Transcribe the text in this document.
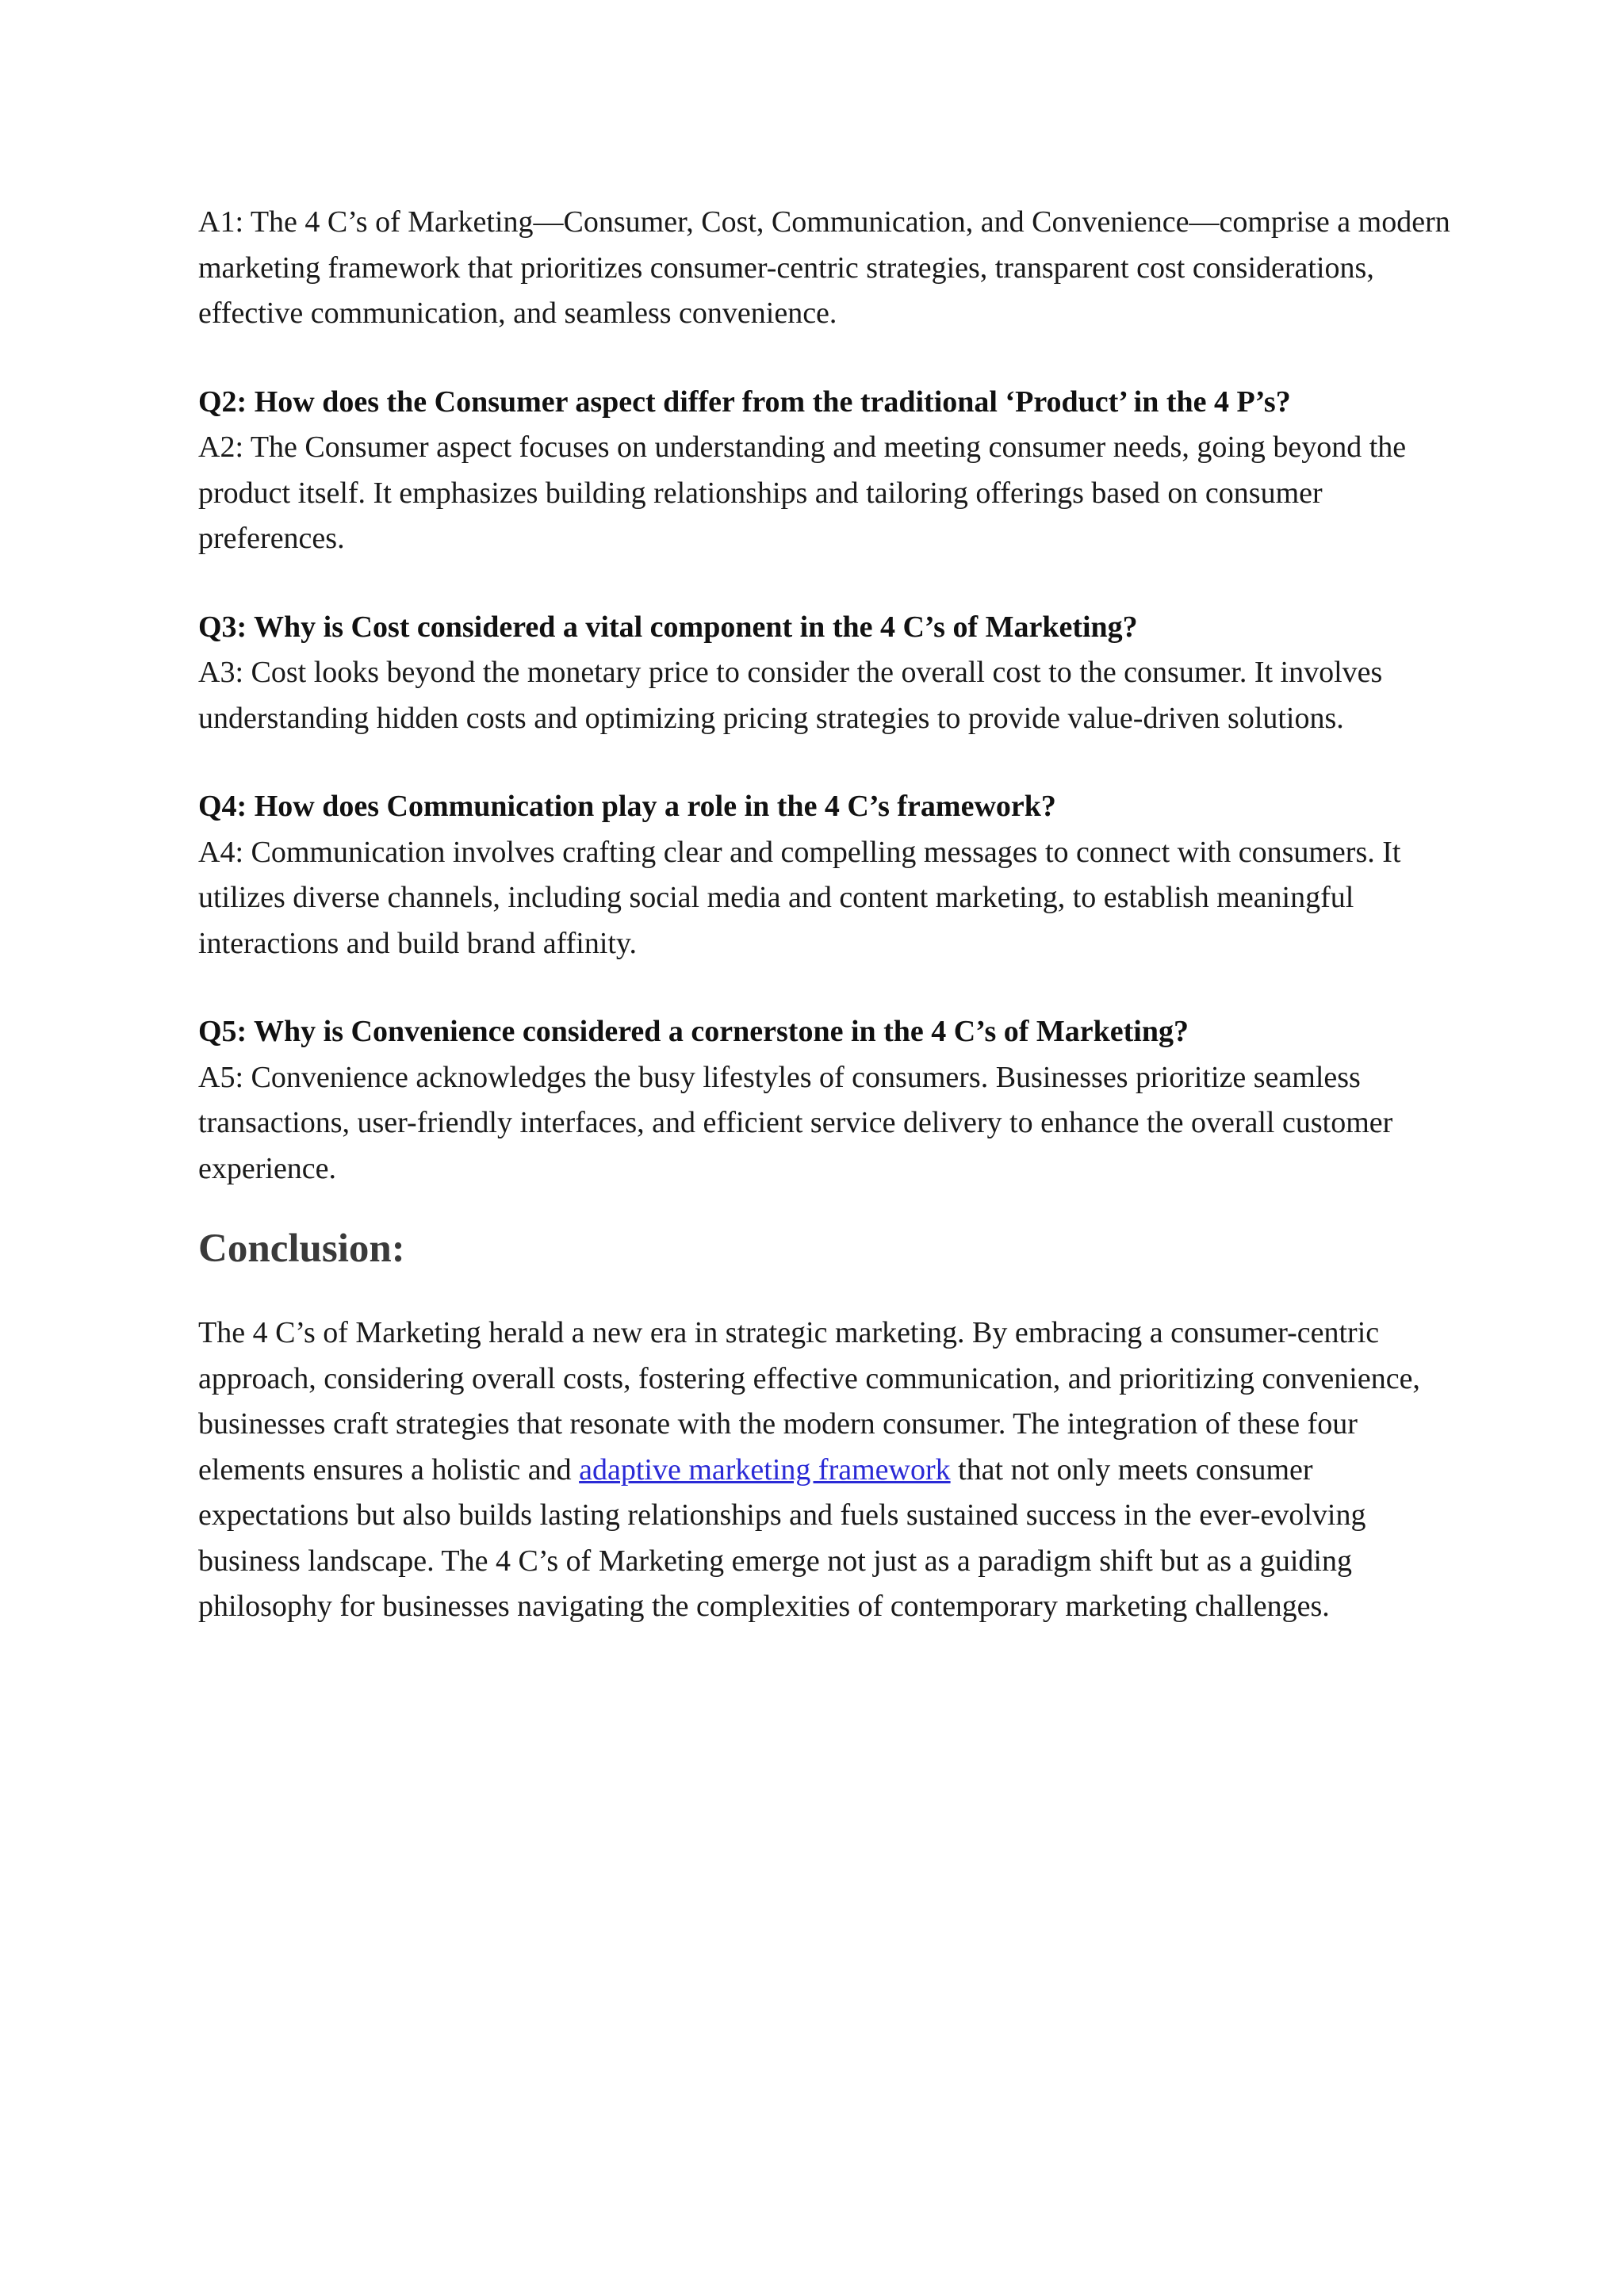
A1: The 4 C’s of Marketing—Consumer, Cost, Communication, and Convenience—comprise a modern marketing framework that prioritizes consumer-centric strategies, transparent cost considerations, effective communication, and seamless convenience.

Q2: How does the Consumer aspect differ from the traditional ‘Product’ in the 4 P’s?

A2: The Consumer aspect focuses on understanding and meeting consumer needs, going beyond the product itself. It emphasizes building relationships and tailoring offerings based on consumer preferences.

Q3: Why is Cost considered a vital component in the 4 C’s of Marketing?

A3: Cost looks beyond the monetary price to consider the overall cost to the consumer. It involves understanding hidden costs and optimizing pricing strategies to provide value-driven solutions.

Q4: How does Communication play a role in the 4 C’s framework?

A4: Communication involves crafting clear and compelling messages to connect with consumers. It utilizes diverse channels, including social media and content marketing, to establish meaningful interactions and build brand affinity.

Q5: Why is Convenience considered a cornerstone in the 4 C’s of Marketing?

A5: Convenience acknowledges the busy lifestyles of consumers. Businesses prioritize seamless transactions, user-friendly interfaces, and efficient service delivery to enhance the overall customer experience.

Conclusion:

The 4 C’s of Marketing herald a new era in strategic marketing. By embracing a consumer-centric approach, considering overall costs, fostering effective communication, and prioritizing convenience, businesses craft strategies that resonate with the modern consumer. The integration of these four elements ensures a holistic and adaptive marketing framework that not only meets consumer expectations but also builds lasting relationships and fuels sustained success in the ever-evolving business landscape. The 4 C’s of Marketing emerge not just as a paradigm shift but as a guiding philosophy for businesses navigating the complexities of contemporary marketing challenges.
